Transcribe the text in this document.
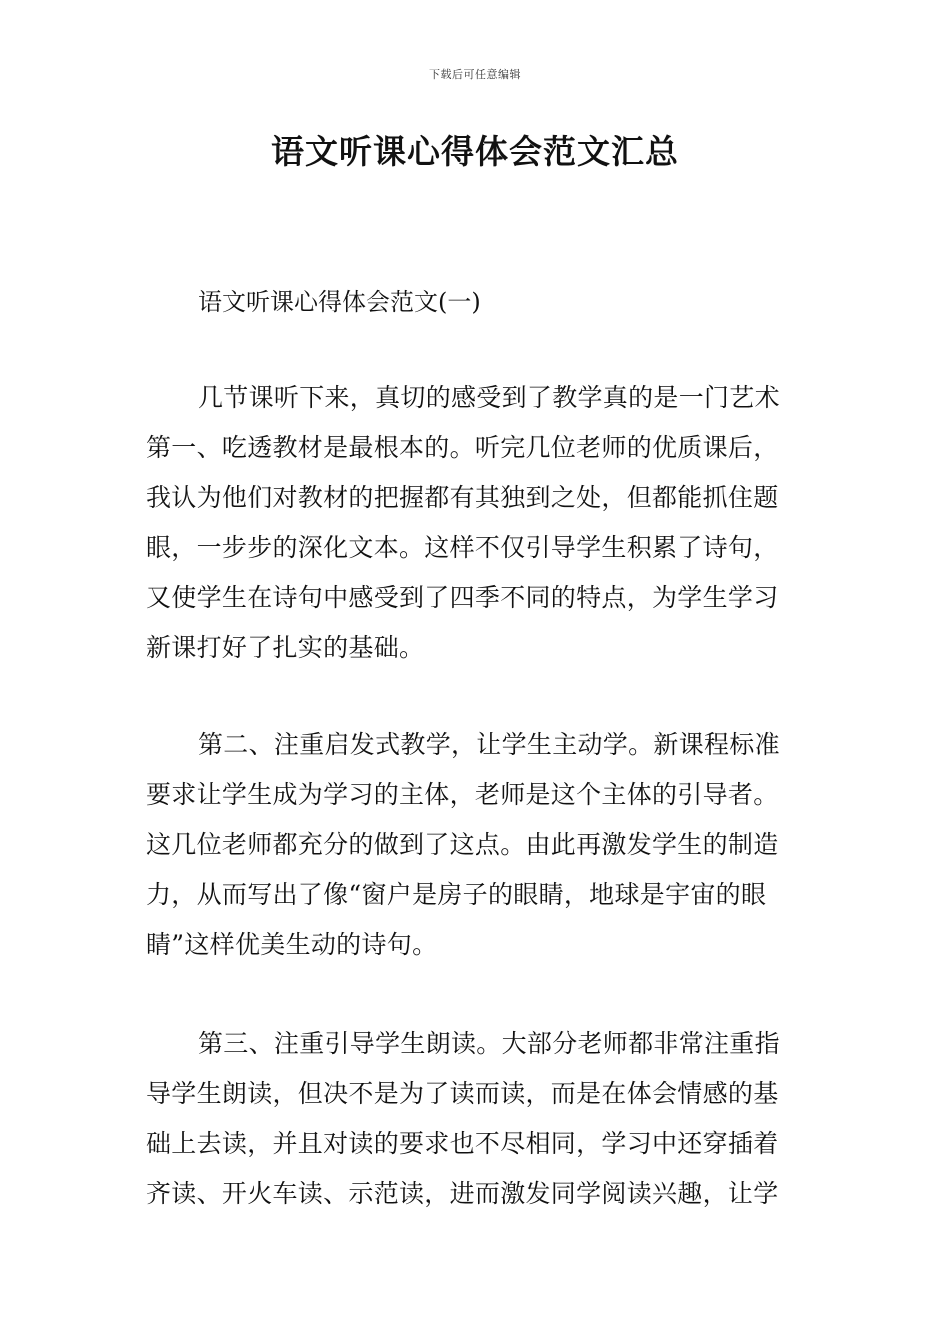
下载后可任意编辑
语文听课心得体会范文汇总

语文听课心得体会范文(一)

几节课听下来，真切的感受到了教学真的是一门艺术
第一、吃透教材是最根本的。听完几位老师的优质课后，
我认为他们对教材的把握都有其独到之处，但都能抓住题
眼，一步步的深化文本。这样不仅引导学生积累了诗句，
又使学生在诗句中感受到了四季不同的特点，为学生学习
新课打好了扎实的基础。
第二、注重启发式教学，让学生主动学。新课程标准
要求让学生成为学习的主体，老师是这个主体的引导者。
这几位老师都充分的做到了这点。由此再激发学生的制造
力，从而写出了像“窗户是房子的眼睛，地球是宇宙的眼
睛”这样优美生动的诗句。
第三、注重引导学生朗读。大部分老师都非常注重指
导学生朗读，但决不是为了读而读，而是在体会情感的基
础上去读，并且对读的要求也不尽相同，学习中还穿插着
齐读、开火车读、示范读，进而激发同学阅读兴趣，让学
